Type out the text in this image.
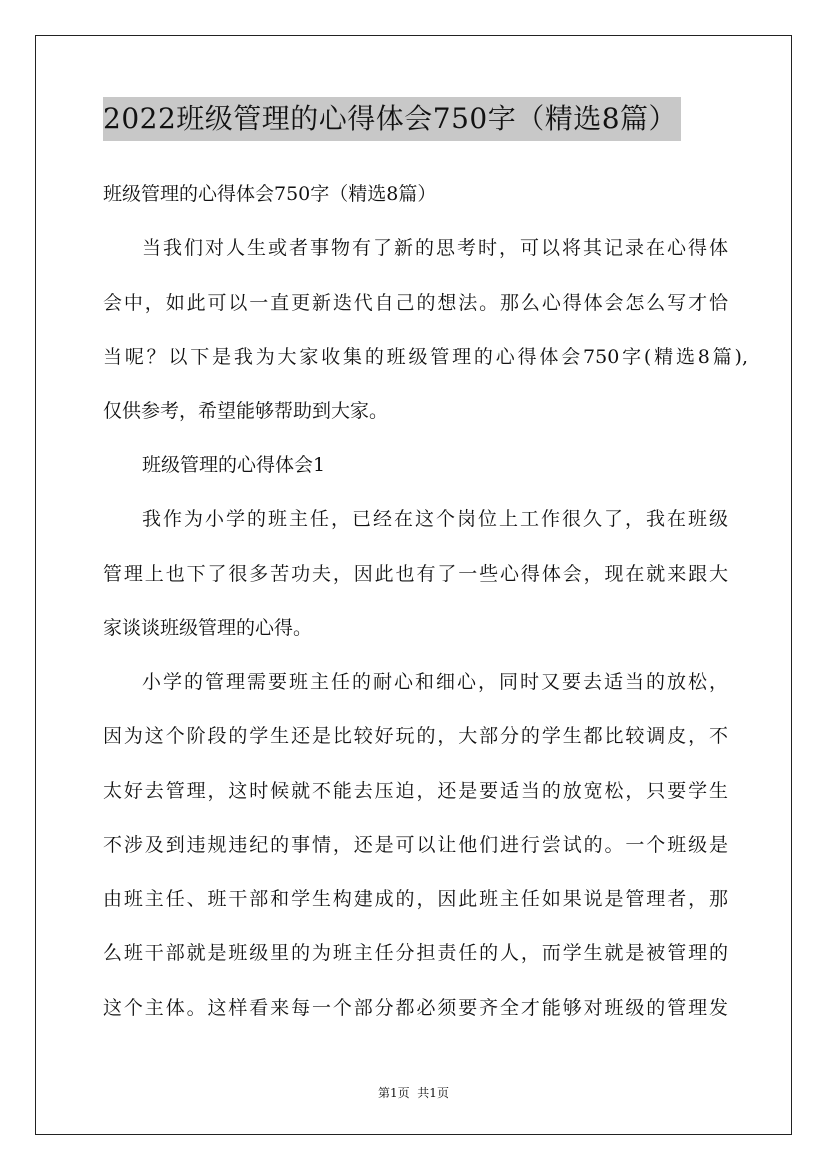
2022班级管理的心得体会750字（精选8篇）
班级管理的心得体会750字（精选8篇）
当我们对人生或者事物有了新的思考时，可以将其记录在心得体
会中，如此可以一直更新迭代自己的想法。那么心得体会怎么写才恰
当呢？以下是我为大家收集的班级管理的心得体会750字(精选8篇),
仅供参考，希望能够帮助到大家。
班级管理的心得体会1
我作为小学的班主任，已经在这个岗位上工作很久了，我在班级
管理上也下了很多苦功夫，因此也有了一些心得体会，现在就来跟大
家谈谈班级管理的心得。
小学的管理需要班主任的耐心和细心，同时又要去适当的放松，
因为这个阶段的学生还是比较好玩的，大部分的学生都比较调皮，不
太好去管理，这时候就不能去压迫，还是要适当的放宽松，只要学生
不涉及到违规违纪的事情，还是可以让他们进行尝试的。一个班级是
由班主任、班干部和学生构建成的，因此班主任如果说是管理者，那
么班干部就是班级里的为班主任分担责任的人，而学生就是被管理的
这个主体。这样看来每一个部分都必须要齐全才能够对班级的管理发
第1页  共1页
